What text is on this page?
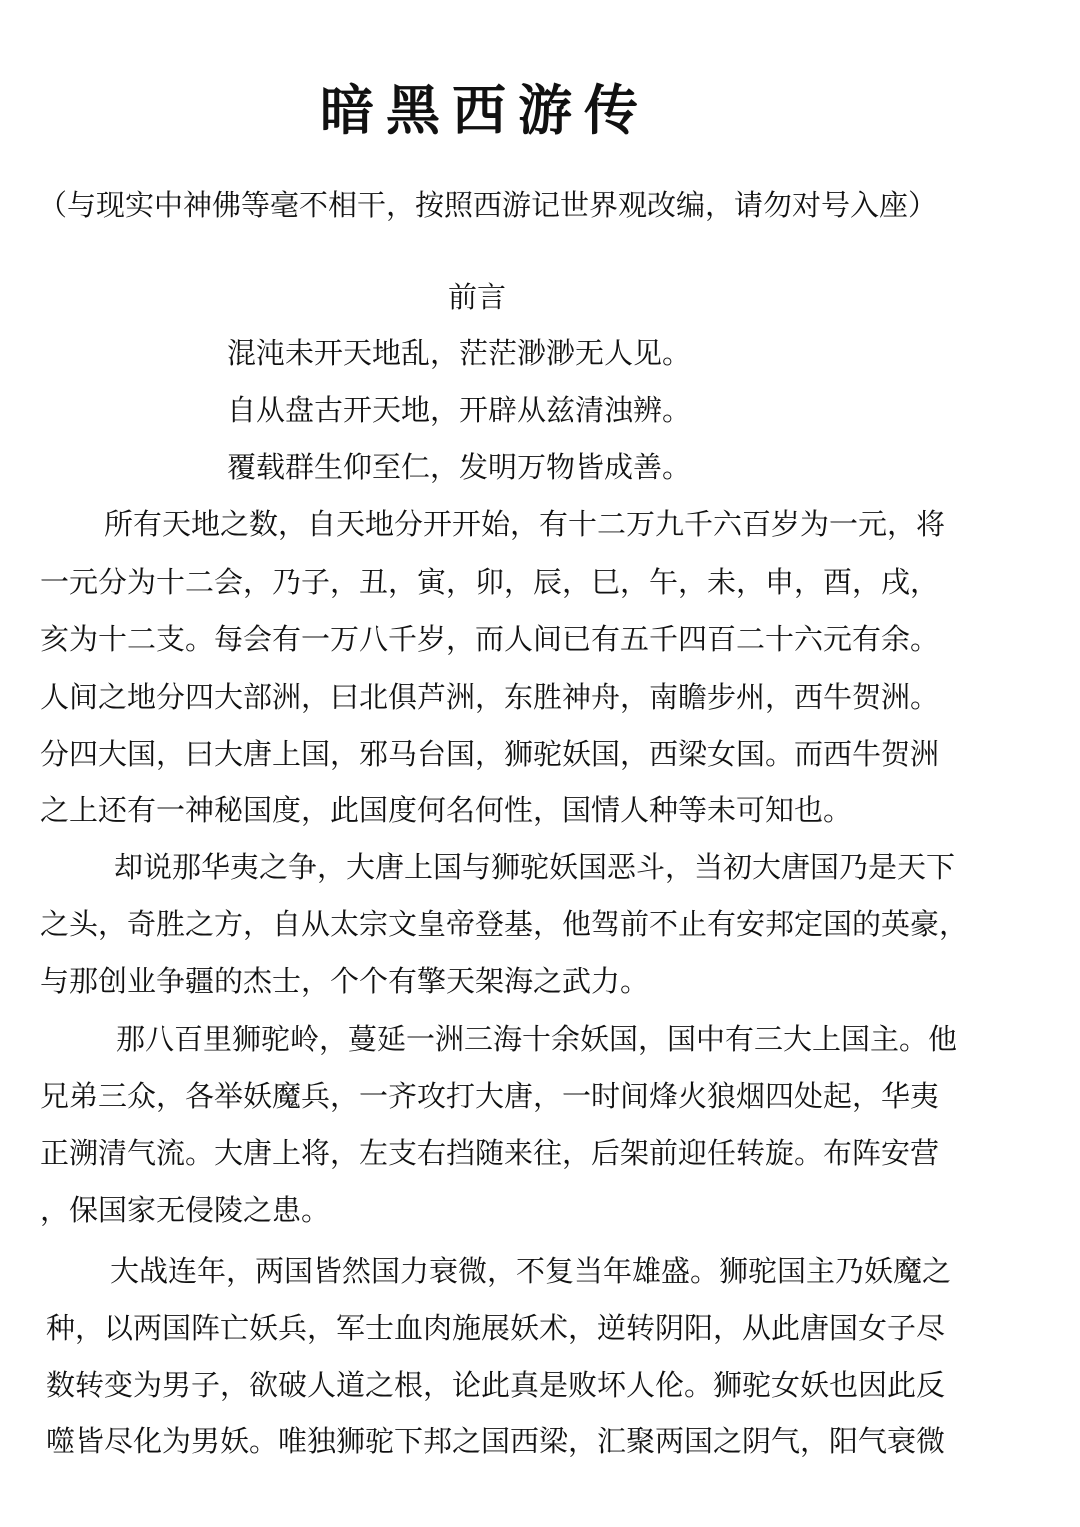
暗黑西游传
（与现实中神佛等毫不相干，按照西游记世界观改编，请勿对号入座）
前言
混沌未开天地乱，茫茫渺渺无人见。
自从盘古开天地，开辟从兹清浊辨。
覆载群生仰至仁，发明万物皆成善。
所有天地之数，自天地分开开始，有十二万九千六百岁为一元，将
一元分为十二会，乃子，丑，寅，卯，辰，巳，午，未，申，酉，戌，
亥为十二支。每会有一万八千岁，而人间已有五千四百二十六元有余。
人间之地分四大部洲，曰北俱芦洲，东胜神舟，南瞻步州，西牛贺洲。
分四大国，曰大唐上国，邪马台国，狮驼妖国，西梁女国。而西牛贺洲
之上还有一神秘国度，此国度何名何性，国情人种等未可知也。
却说那华夷之争，大唐上国与狮驼妖国恶斗，当初大唐国乃是天下
之头，奇胜之方，自从太宗文皇帝登基，他驾前不止有安邦定国的英豪，
与那创业争疆的杰士，个个有擎天架海之武力。
那八百里狮驼岭，蔓延一洲三海十余妖国，国中有三大上国主。他
兄弟三众，各举妖魔兵，一齐攻打大唐，一时间烽火狼烟四处起，华夷
正溯清气流。大唐上将，左支右挡随来往，后架前迎任转旋。布阵安营
，保国家无侵陵之患。
大战连年，两国皆然国力衰微，不复当年雄盛。狮驼国主乃妖魔之
种，以两国阵亡妖兵，军士血肉施展妖术，逆转阴阳，从此唐国女子尽
数转变为男子，欲破人道之根，论此真是败坏人伦。狮驼女妖也因此反
噬皆尽化为男妖。唯独狮驼下邦之国西梁，汇聚两国之阴气，阳气衰微
